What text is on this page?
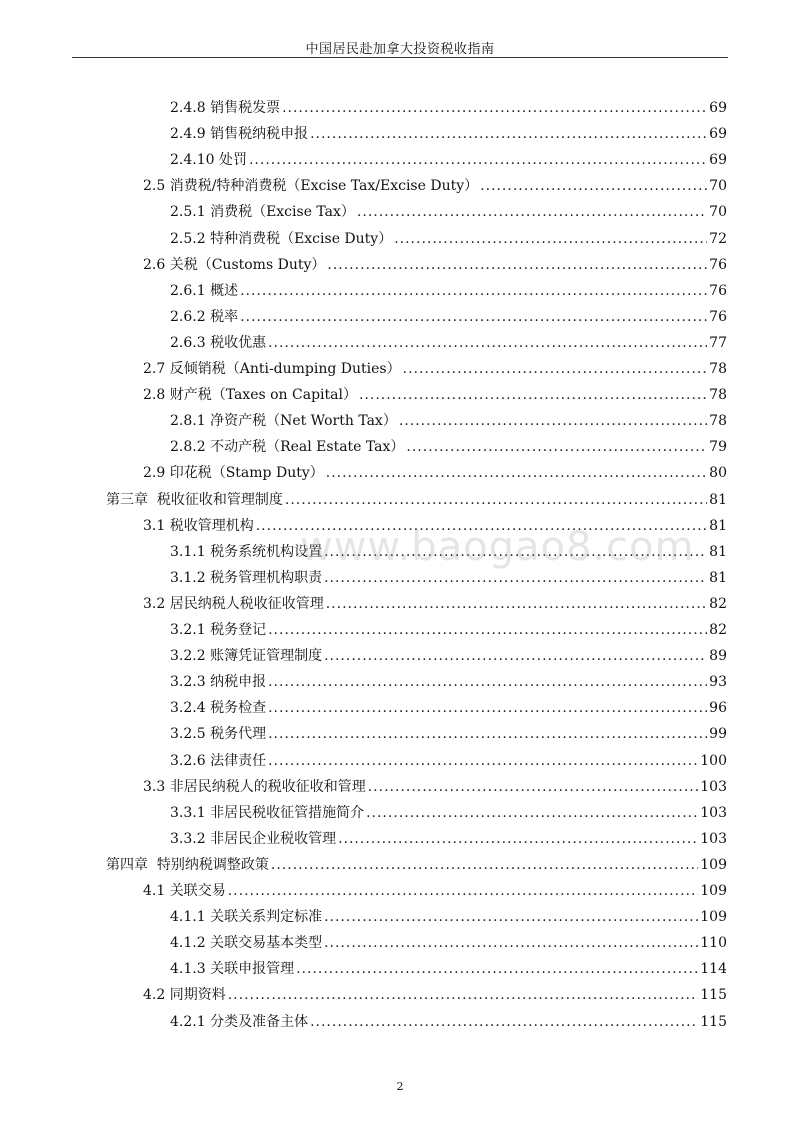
中国居民赴加拿大投资税收指南
2.4.8 销售税发票 .....	69
2.4.9 销售税纳税申报 .....	69
2.4.10 处罚 .....	69
2.5 消费税/特种消费税（Excise Tax/Excise Duty） .....	70
2.5.1 消费税（Excise Tax） .....	70
2.5.2 特种消费税（Excise Duty） .....	72
2.6 关税（Customs Duty） .....	76
2.6.1 概述 .....	76
2.6.2 税率 .....	76
2.6.3 税收优惠 .....	77
2.7 反倾销税（Anti-dumping Duties） .....	78
2.8 财产税（Taxes on Capital） .....	78
2.8.1 净资产税（Net Worth Tax） .....	78
2.8.2 不动产税（Real Estate Tax） .....	79
2.9 印花税（Stamp Duty） .....	80
第三章  税收征收和管理制度 .....	81
3.1 税收管理机构 .....	81
3.1.1 税务系统机构设置 .....	81
3.1.2 税务管理机构职责 .....	81
3.2 居民纳税人税收征收管理 .....	82
3.2.1 税务登记 .....	82
3.2.2 账簿凭证管理制度 .....	89
3.2.3 纳税申报 .....	93
3.2.4 税务检查 .....	96
3.2.5 税务代理 .....	99
3.2.6 法律责任 .....	100
3.3 非居民纳税人的税收征收和管理 .....	103
3.3.1 非居民税收征管措施简介 .....	103
3.3.2 非居民企业税收管理 .....	103
第四章  特别纳税调整政策 .....	109
4.1 关联交易 .....	109
4.1.1 关联关系判定标准 .....	109
4.1.2 关联交易基本类型 .....	110
4.1.3 关联申报管理 .....	114
4.2 同期资料 .....	115
4.2.1 分类及准备主体 .....	115
www.baogao8.com
2
